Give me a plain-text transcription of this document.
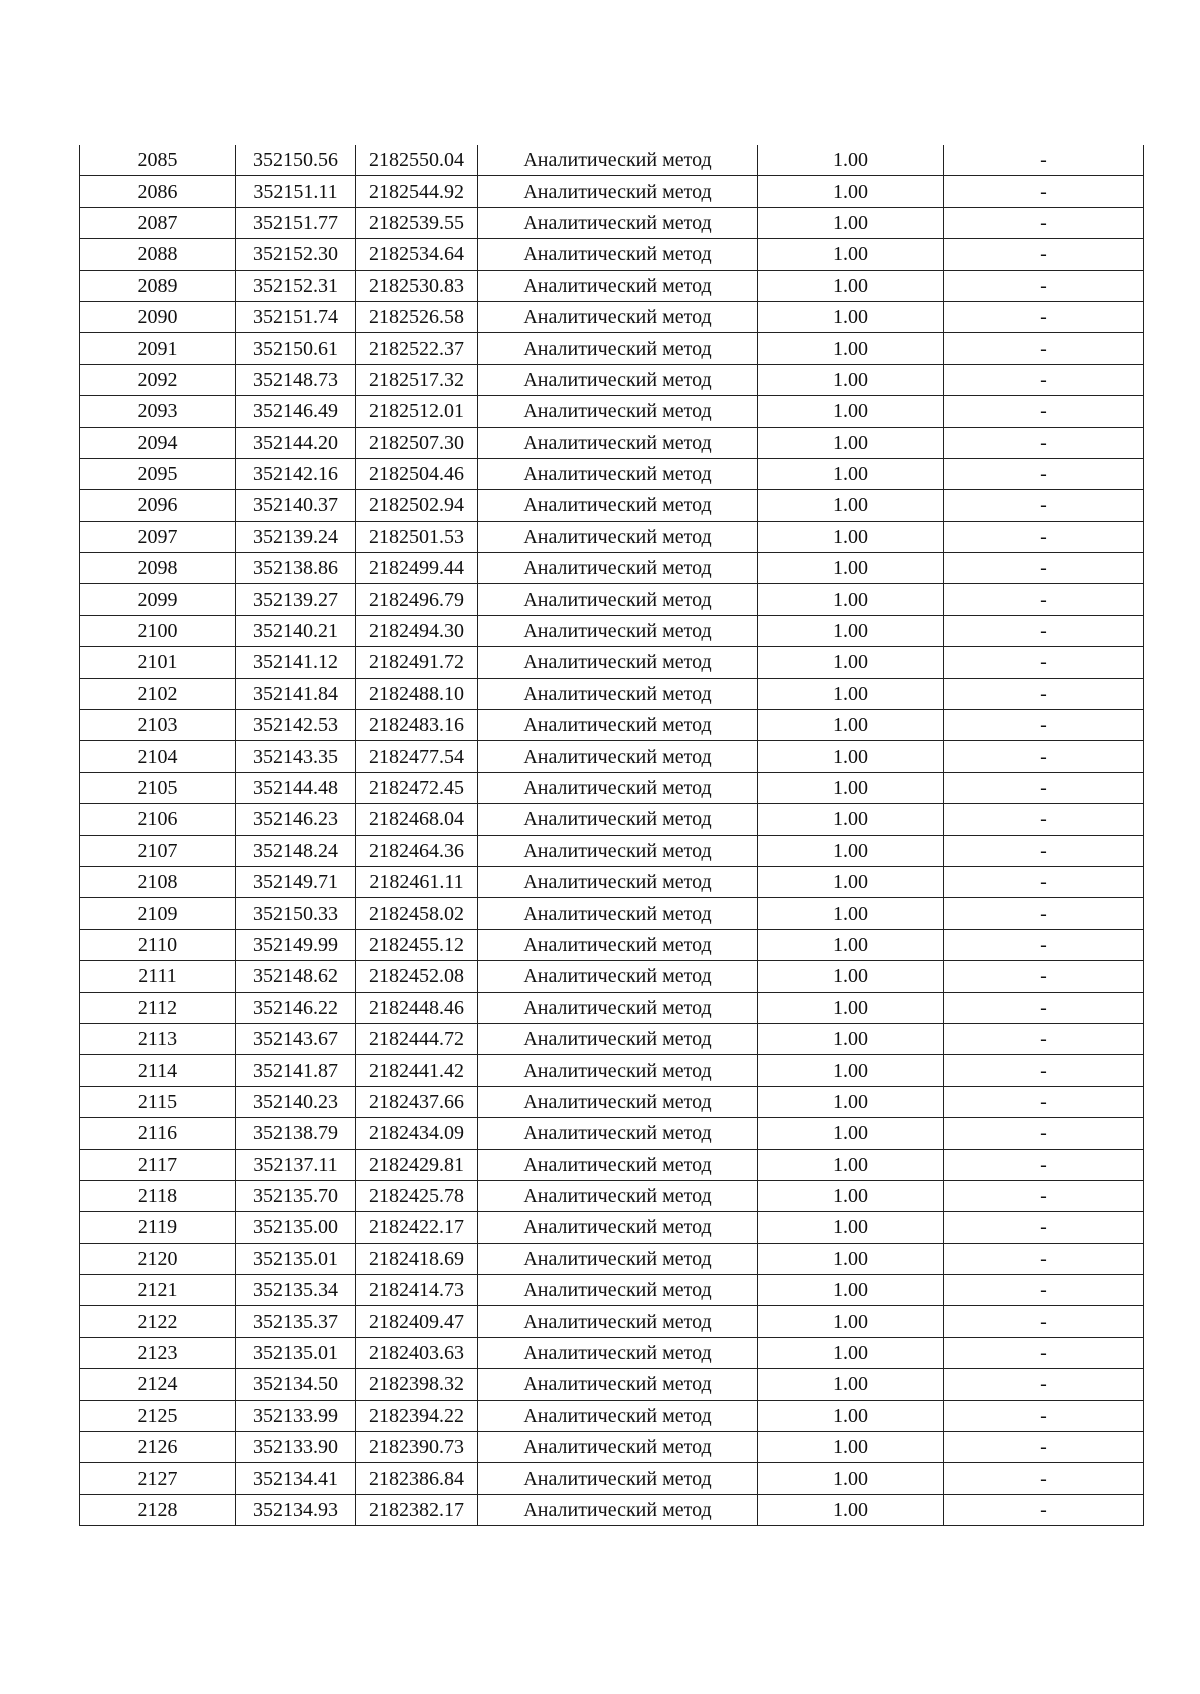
2085	352150.56	2182550.04	Аналитический метод	1.00	-
2086	352151.11	2182544.92	Аналитический метод	1.00	-
2087	352151.77	2182539.55	Аналитический метод	1.00	-
2088	352152.30	2182534.64	Аналитический метод	1.00	-
2089	352152.31	2182530.83	Аналитический метод	1.00	-
2090	352151.74	2182526.58	Аналитический метод	1.00	-
2091	352150.61	2182522.37	Аналитический метод	1.00	-
2092	352148.73	2182517.32	Аналитический метод	1.00	-
2093	352146.49	2182512.01	Аналитический метод	1.00	-
2094	352144.20	2182507.30	Аналитический метод	1.00	-
2095	352142.16	2182504.46	Аналитический метод	1.00	-
2096	352140.37	2182502.94	Аналитический метод	1.00	-
2097	352139.24	2182501.53	Аналитический метод	1.00	-
2098	352138.86	2182499.44	Аналитический метод	1.00	-
2099	352139.27	2182496.79	Аналитический метод	1.00	-
2100	352140.21	2182494.30	Аналитический метод	1.00	-
2101	352141.12	2182491.72	Аналитический метод	1.00	-
2102	352141.84	2182488.10	Аналитический метод	1.00	-
2103	352142.53	2182483.16	Аналитический метод	1.00	-
2104	352143.35	2182477.54	Аналитический метод	1.00	-
2105	352144.48	2182472.45	Аналитический метод	1.00	-
2106	352146.23	2182468.04	Аналитический метод	1.00	-
2107	352148.24	2182464.36	Аналитический метод	1.00	-
2108	352149.71	2182461.11	Аналитический метод	1.00	-
2109	352150.33	2182458.02	Аналитический метод	1.00	-
2110	352149.99	2182455.12	Аналитический метод	1.00	-
2111	352148.62	2182452.08	Аналитический метод	1.00	-
2112	352146.22	2182448.46	Аналитический метод	1.00	-
2113	352143.67	2182444.72	Аналитический метод	1.00	-
2114	352141.87	2182441.42	Аналитический метод	1.00	-
2115	352140.23	2182437.66	Аналитический метод	1.00	-
2116	352138.79	2182434.09	Аналитический метод	1.00	-
2117	352137.11	2182429.81	Аналитический метод	1.00	-
2118	352135.70	2182425.78	Аналитический метод	1.00	-
2119	352135.00	2182422.17	Аналитический метод	1.00	-
2120	352135.01	2182418.69	Аналитический метод	1.00	-
2121	352135.34	2182414.73	Аналитический метод	1.00	-
2122	352135.37	2182409.47	Аналитический метод	1.00	-
2123	352135.01	2182403.63	Аналитический метод	1.00	-
2124	352134.50	2182398.32	Аналитический метод	1.00	-
2125	352133.99	2182394.22	Аналитический метод	1.00	-
2126	352133.90	2182390.73	Аналитический метод	1.00	-
2127	352134.41	2182386.84	Аналитический метод	1.00	-
2128	352134.93	2182382.17	Аналитический метод	1.00	-
